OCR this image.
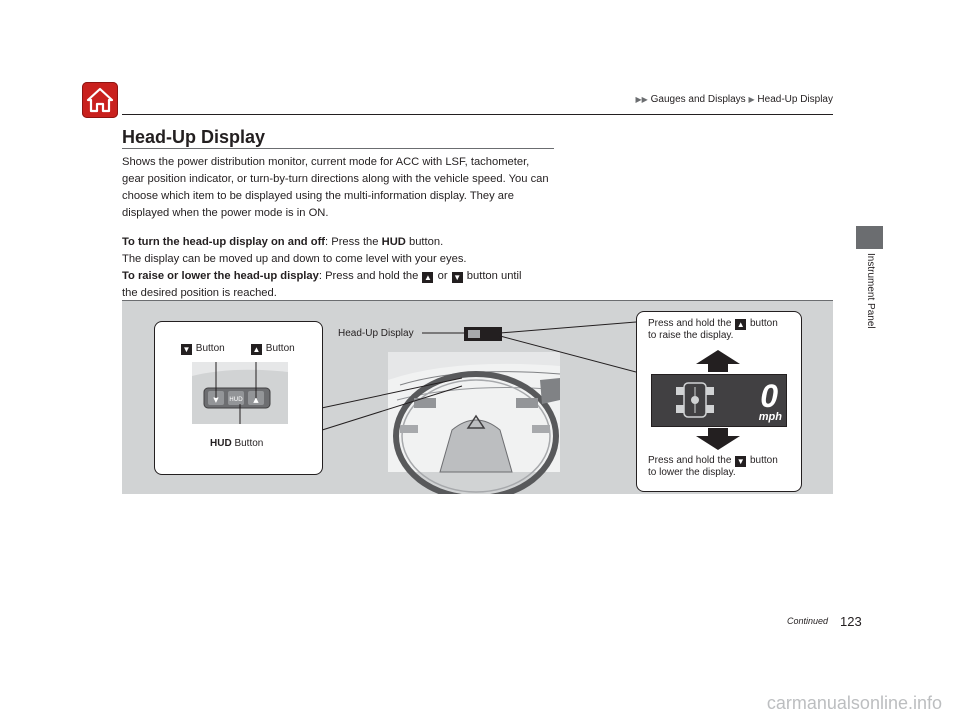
▶▶ Gauges and Displays ▶ Head-Up Display
Instrument Panel
Head-Up Display
Shows the power distribution monitor, current mode for ACC with LSF, tachometer, gear position indicator, or turn-by-turn directions along with the vehicle speed. You can choose which item to be displayed using the multi-information display. They are displayed when the power mode is in ON.
To turn the head-up display on and off: Press the HUD button.
The display can be moved up and down to come level with your eyes.
To raise or lower the head-up display: Press and hold the ▲ or ▼ button until
the desired position is reached.
▼ HUD ▲
▼ Button	▲ Button
HUD Button
Head-Up Display
Press and hold the ▲ button
to raise the display.
0
mph
Press and hold the ▼ button
to lower the display.
Continued 123
carmanualsonline.info
